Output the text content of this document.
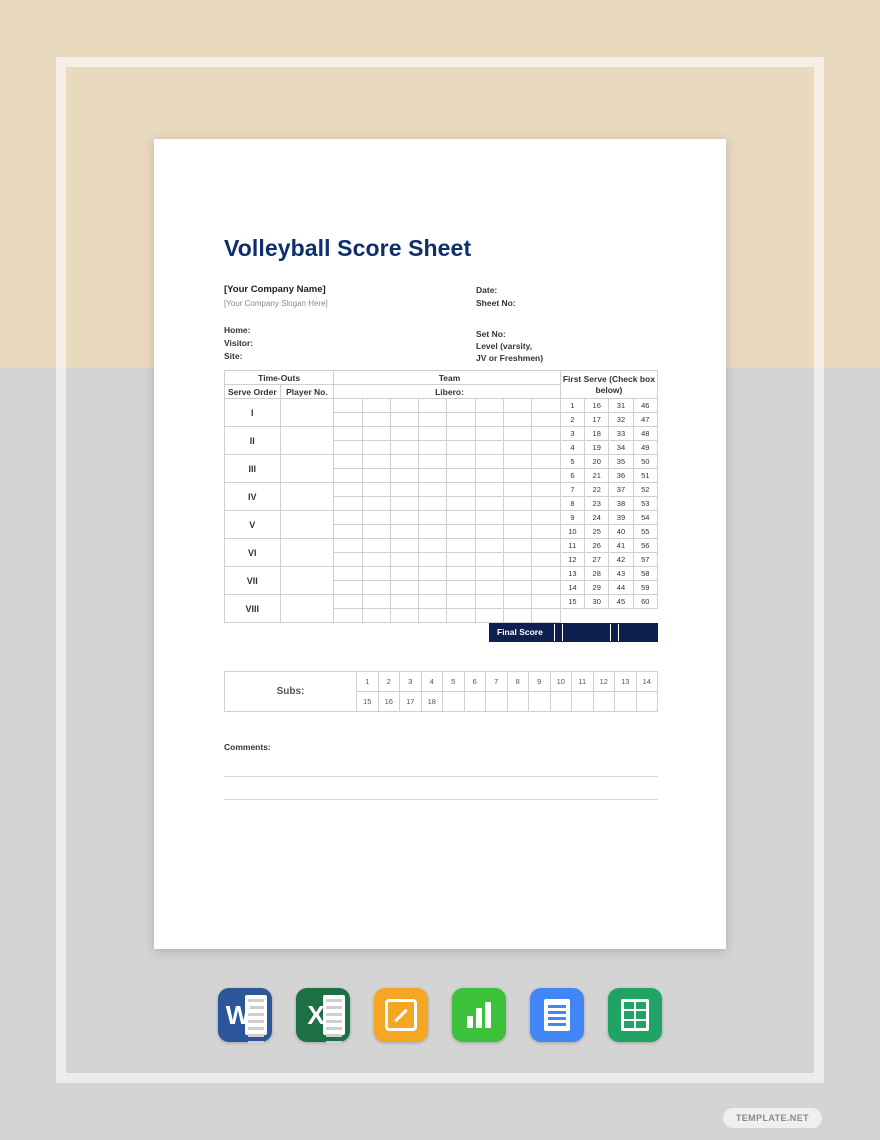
Volleyball Score Sheet
[Your Company Name]
[Your Company Slogan Here]
Home:
Visitor:
Site:
Date:
Sheet No:
Set No:
Level (varsity,
JV or Freshmen)
Time-Outs		Team								First Serve (Check box below)			
Serve Order	Player No.	Libero:											
I										1	16	31	46
										2	17	32	47
II										3	18	33	48
										4	19	34	49
III										5	20	35	50
										6	21	36	51
IV										7	22	37	52
										8	23	38	53
V										9	24	39	54
										10	25	40	55
VI										11	26	41	56
										12	27	42	57
VII										13	28	43	58
										14	29	44	59
VIII										15	30	45	60

Final Score
Subs:	1	2	3	4	5	6	7	8	9	10	11	12	13	14
	15	16	17	18										
Comments:
W X
TEMPLATE.NET
